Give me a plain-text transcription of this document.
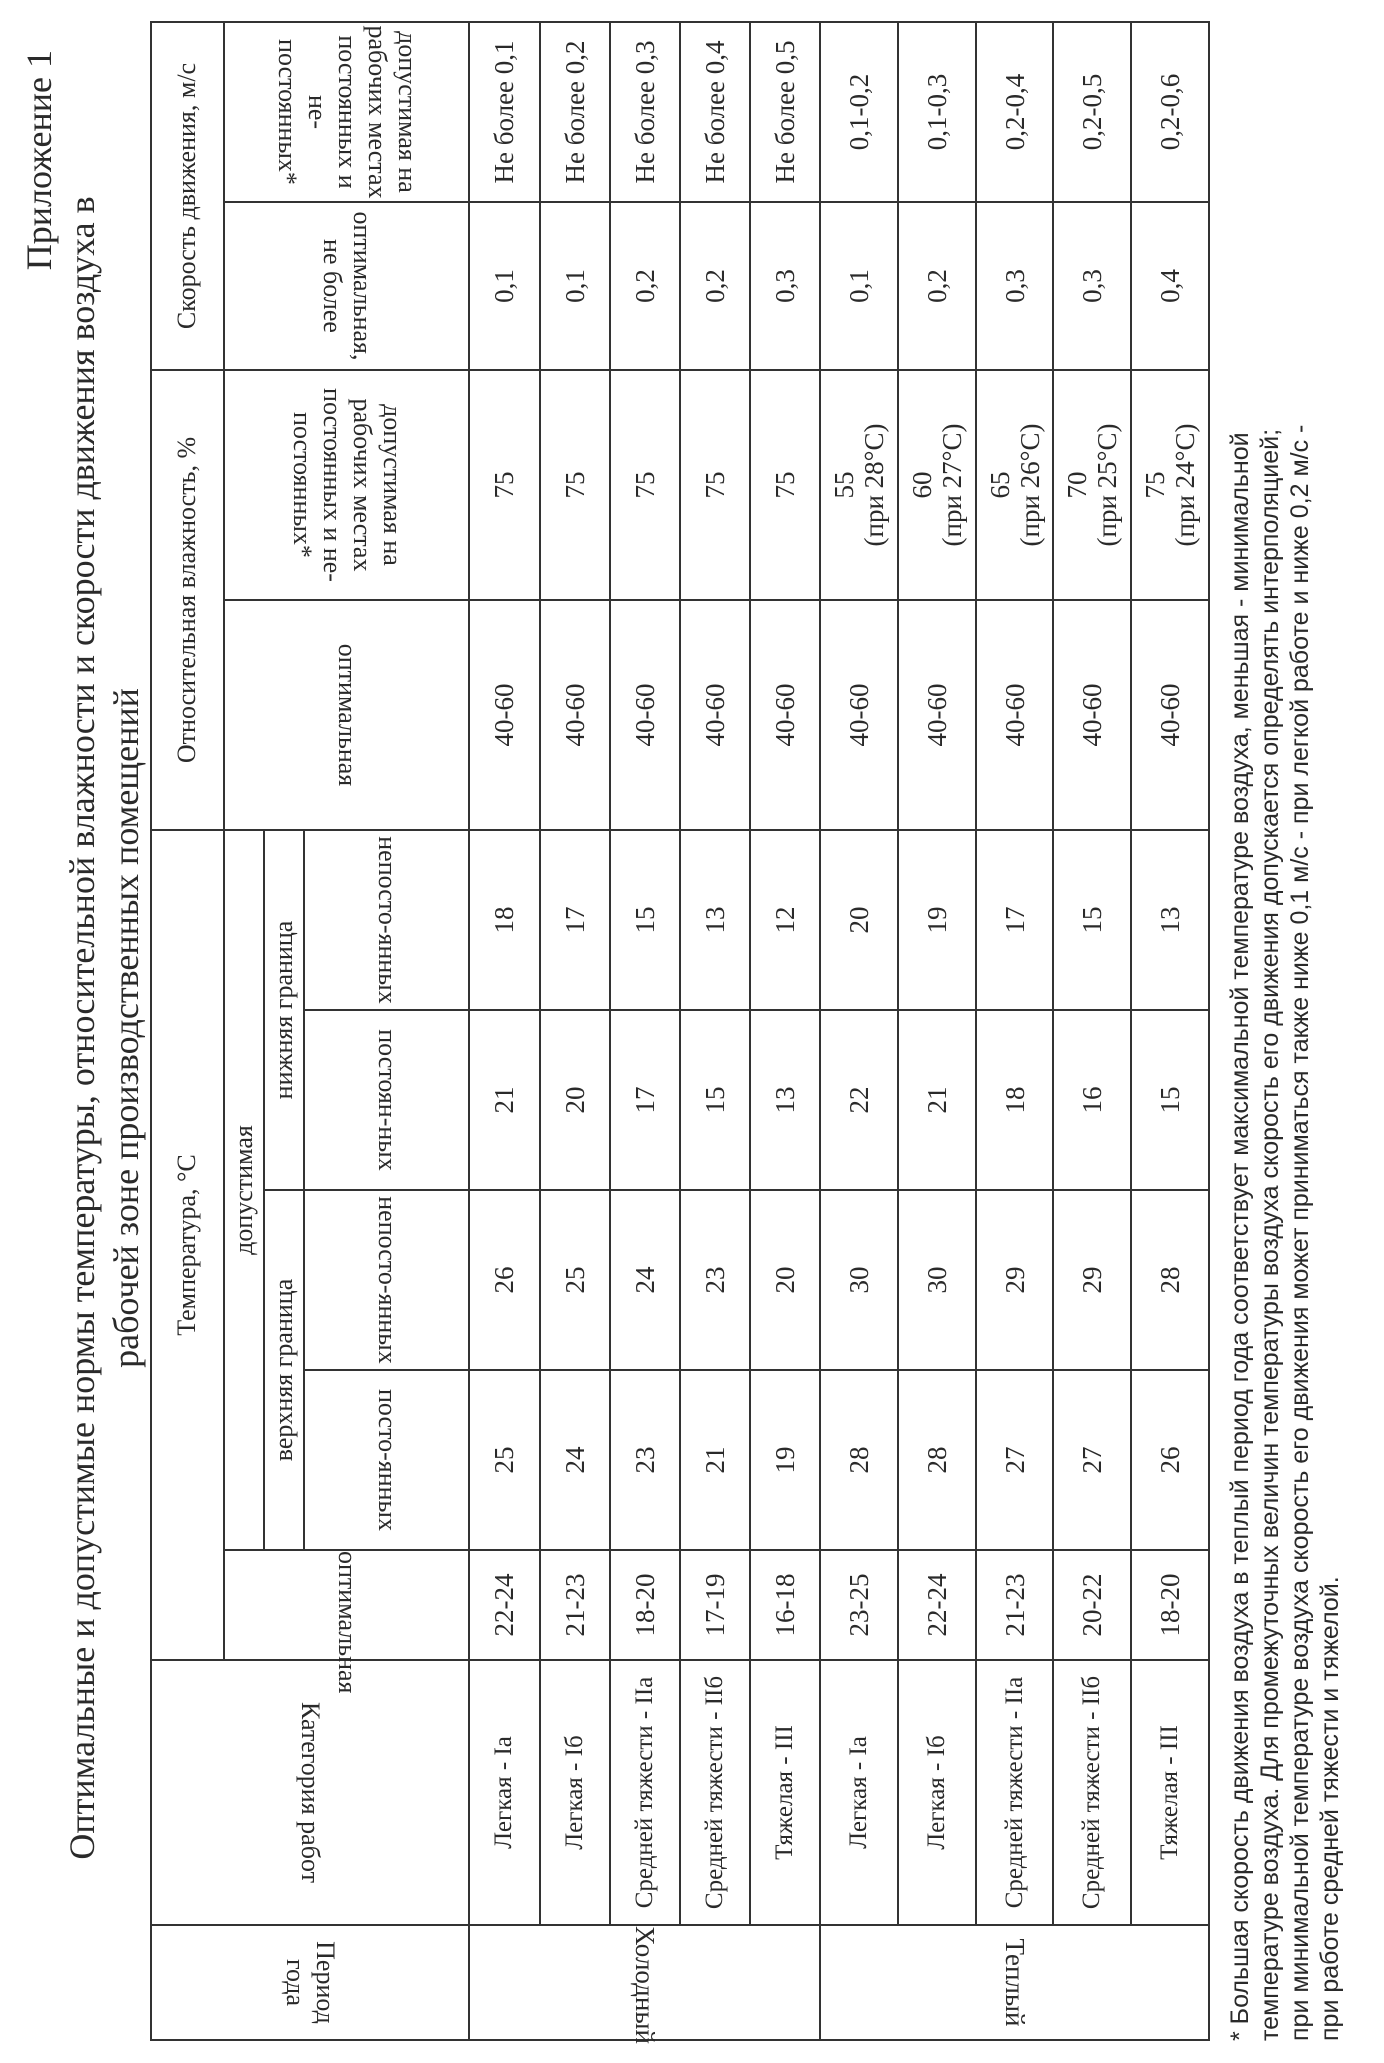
Приложение 1
Оптимальные и допустимые нормы температуры, относительной влажности и скорости движения воздуха в рабочей зоне производственных помещений
Период года	Категория работ	Температура, °С					Относительная влажность, %		Скорость движения, м/с	

		оптимальная	допустимая				оптимальная	допустимая на рабочих местах постоянных и не-постоянных*	оптимальная, не более	допустимая на рабочих местах постоянных и не-постоянных*

			верхняя граница		нижняя граница					

			посто-янных	непосто-янных	постоян-ных	непосто-янных				

Холодный	Легкая - Iа	22-24	25	26	21	18	40-60	75	0,1	Не более 0,1
	Легкая - Iб	21-23	24	25	20	17	40-60	75	0,1	Не более 0,2
	Средней тяжести - IIа	18-20	23	24	17	15	40-60	75	0,2	Не более 0,3
	Средней тяжести - IIб	17-19	21	23	15	13	40-60	75	0,2	Не более 0,4
	Тяжелая - III	16-18	19	20	13	12	40-60	75	0,3	Не более 0,5

Теплый	Легкая - Iа	23-25	28	30	22	20	40-60	55 (при 28°С)	0,1	0,1-0,2
	Легкая - Iб	22-24	28	30	21	19	40-60	60 (при 27°С)	0,2	0,1-0,3
	Средней тяжести - IIа	21-23	27	29	18	17	40-60	65 (при 26°С)	0,3	0,2-0,4
	Средней тяжести - IIб	20-22	27	29	16	15	40-60	70 (при 25°С)	0,3	0,2-0,5
	Тяжелая - III	18-20	26	28	15	13	40-60	75 (при 24°С)	0,4	0,2-0,6
* Большая скорость движения воздуха в теплый период года соответствует максимальной температуре воздуха, меньшая - минимальной температуре воздуха. Для промежуточных величин температуры воздуха скорость его движения допускается определять интерполяцией; при минимальной температуре воздуха скорость его движения может приниматься также ниже 0,1 м/с - при легкой работе и ниже 0,2 м/с - при работе средней тяжести и тяжелой.
